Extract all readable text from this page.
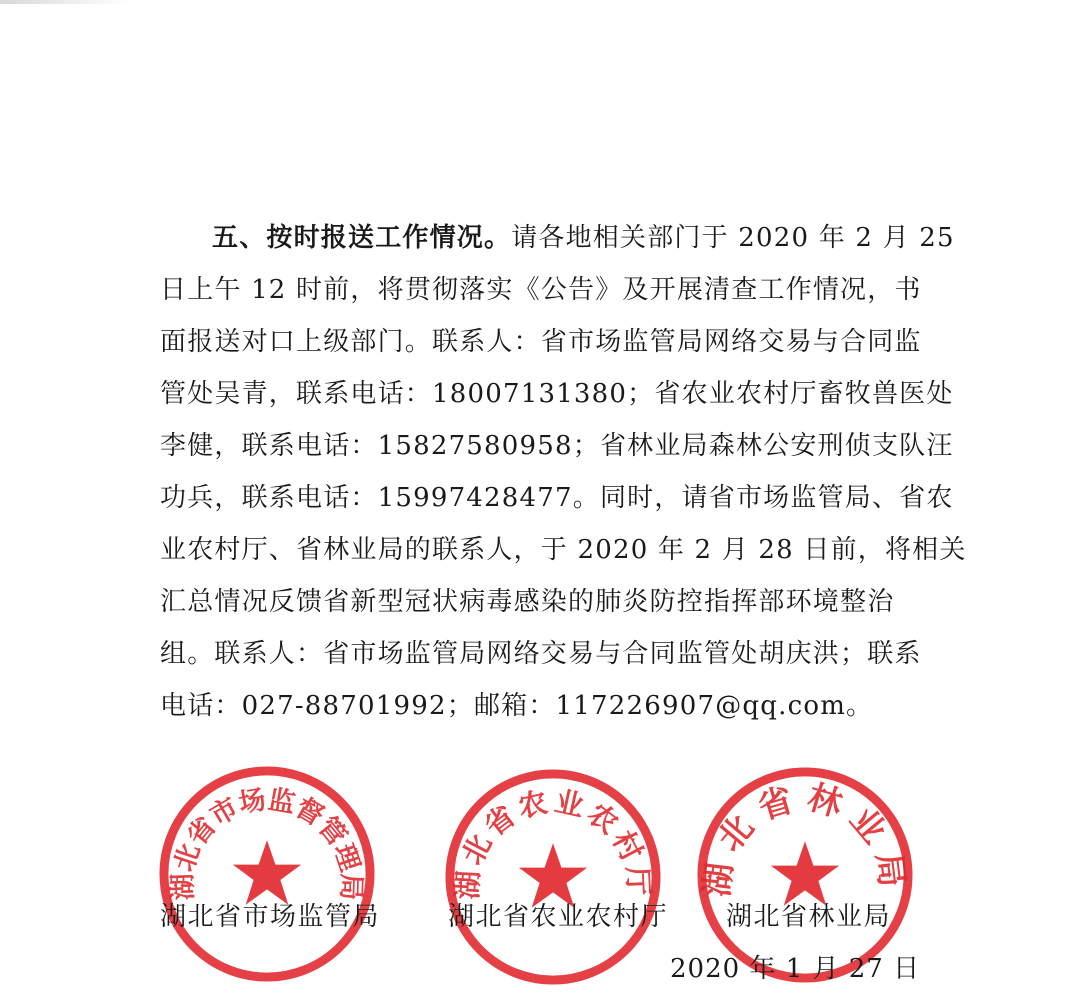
五、按时报送工作情况。请各地相关部门于 2020 年 2 月 25
日上午 12 时前，将贯彻落实《公告》及开展清查工作情况，书
面报送对口上级部门。联系人：省市场监管局网络交易与合同监
管处吴青，联系电话：18007131380；省农业农村厅畜牧兽医处
李健，联系电话：15827580958；省林业局森林公安刑侦支队汪
功兵，联系电话：15997428477。同时，请省市场监管局、省农
业农村厅、省林业局的联系人，于 2020 年 2 月 28 日前，将相关
汇总情况反馈省新型冠状病毒感染的肺炎防控指挥部环境整治
组。联系人：省市场监管局网络交易与合同监管处胡庆洪；联系
电话：027-88701992；邮箱：117226907@qq.com。
湖北省市场监督管理局	湖北省农业农村厅 湖北省林业局
湖北省市场监管局	湖北省农业农村厅 湖北省林业局
2020 年 1 月 27 日
